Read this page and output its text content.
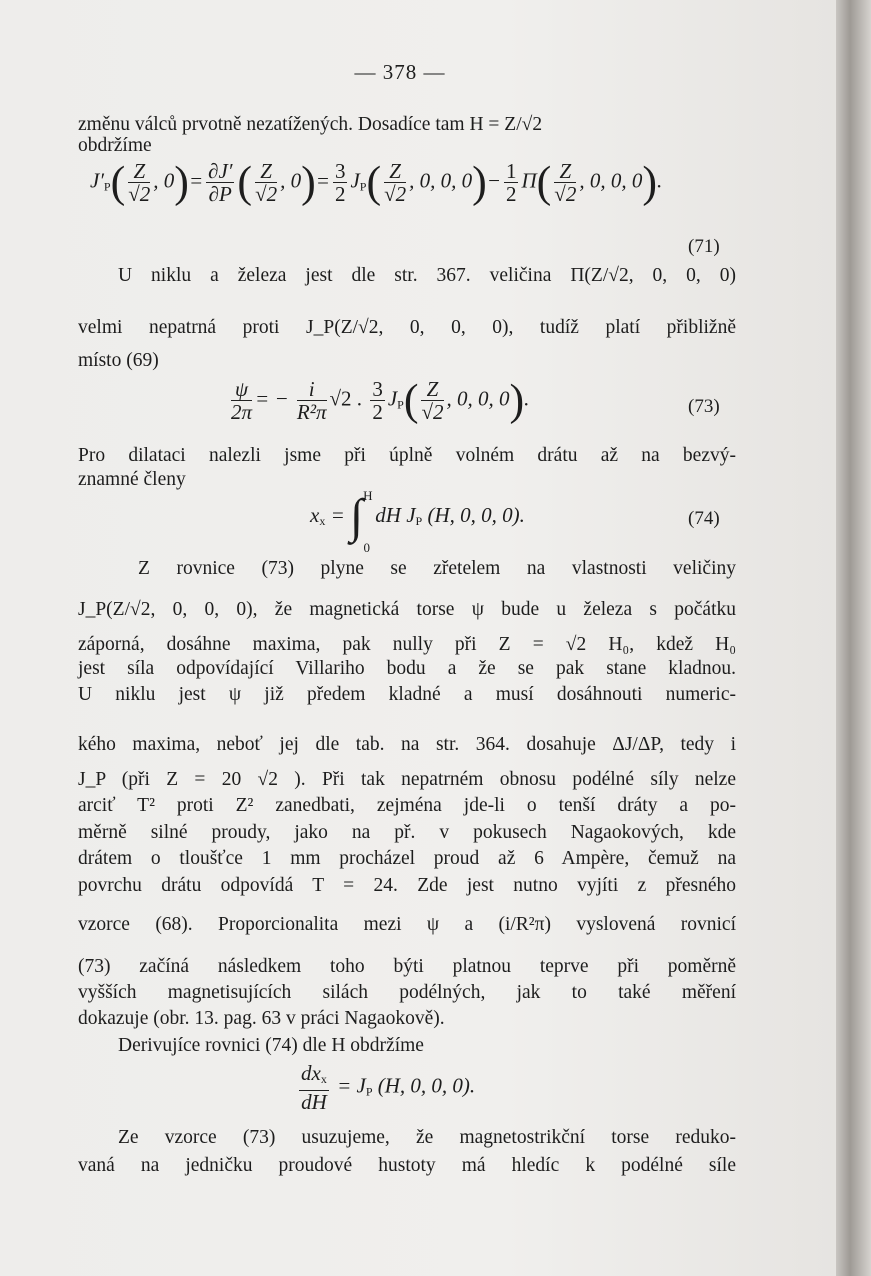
— 378 —
změnu válců prvotně nezatížených. Dosadíce tam H = Z/√2
obdržíme
$J'_P( \frac{Z}{√2}$ , $0)= \frac{\partial J'}{\partial P}$ ( $\frac{Z}{√2}$ , $0)= \frac{3}{2} J_P( \frac{Z}{√2}$ , 0, 0, $0)- \frac{1}{2} \Pi( \frac{Z}{√2}$ , 0, 0, 0).
(71)
U niklu a železa jest dle str. 367. veličina Π(Z/√2, 0, 0, 0)
velmi nepatrná proti J_P(Z/√2, 0, 0, 0), tudíž platí přibližně
místo (69)
$\frac{\psi}{2\pi}$ = − $\frac{i}{\text{R²π}} √2$ . $\frac{3}{2} J_P( \frac{Z}{√2}$ , 0, 0, 0).	(73)
Pro dilataci nalezli jsme při úplně volném drátu až na bezvý-
znamné členy
$x_x = \int^H_0$ dH $J_P$ (H, 0, 0, 0).	(74)
Z rovnice (73) plyne se zřetelem na vlastnosti veličiny
J_P(Z/√2, 0, 0, 0), že magnetická torse ψ bude u železa s počátku
záporná, dosáhne maxima, pak nully při Z = √2 H₀, kdež H₀
jest síla odpovídající Villariho bodu a že se pak stane kladnou.
U niklu jest ψ již předem kladné a musí dosáhnouti numeric-
kého maxima, neboť jej dle tab. na str. 364. dosahuje ΔJ/ΔP, tedy i
J_P (při Z = 20 √2 ). Při tak nepatrném obnosu podélné síly nelze
arciť T² proti Z² zanedbati, zejména jde-li o tenší dráty a po-
měrně silné proudy, jako na př. v pokusech Nagaokových, kde
drátem o tloušťce 1 mm procházel proud až 6 Ampère, čemuž na
povrchu drátu odpovídá T = 24. Zde jest nutno vyjíti z přesného
vzorce (68). Proporcionalita mezi ψ a (i/R²π) vyslovená rovnicí
(73) začíná následkem toho býti platnou teprve při poměrně
vyšších magnetisujících silách podélných, jak to také měření
dokazuje (obr. 13. pag. 63 v práci Nagaokově).
Derivujíce rovnici (74) dle H obdržíme
$\frac{dx_x}{dH} = J_P$ (H, 0, 0, 0).
Ze vzorce (73) usuzujeme, že magnetostrikční torse reduko-
vaná na jedničku proudové hustoty má hledíc k podélné síle
